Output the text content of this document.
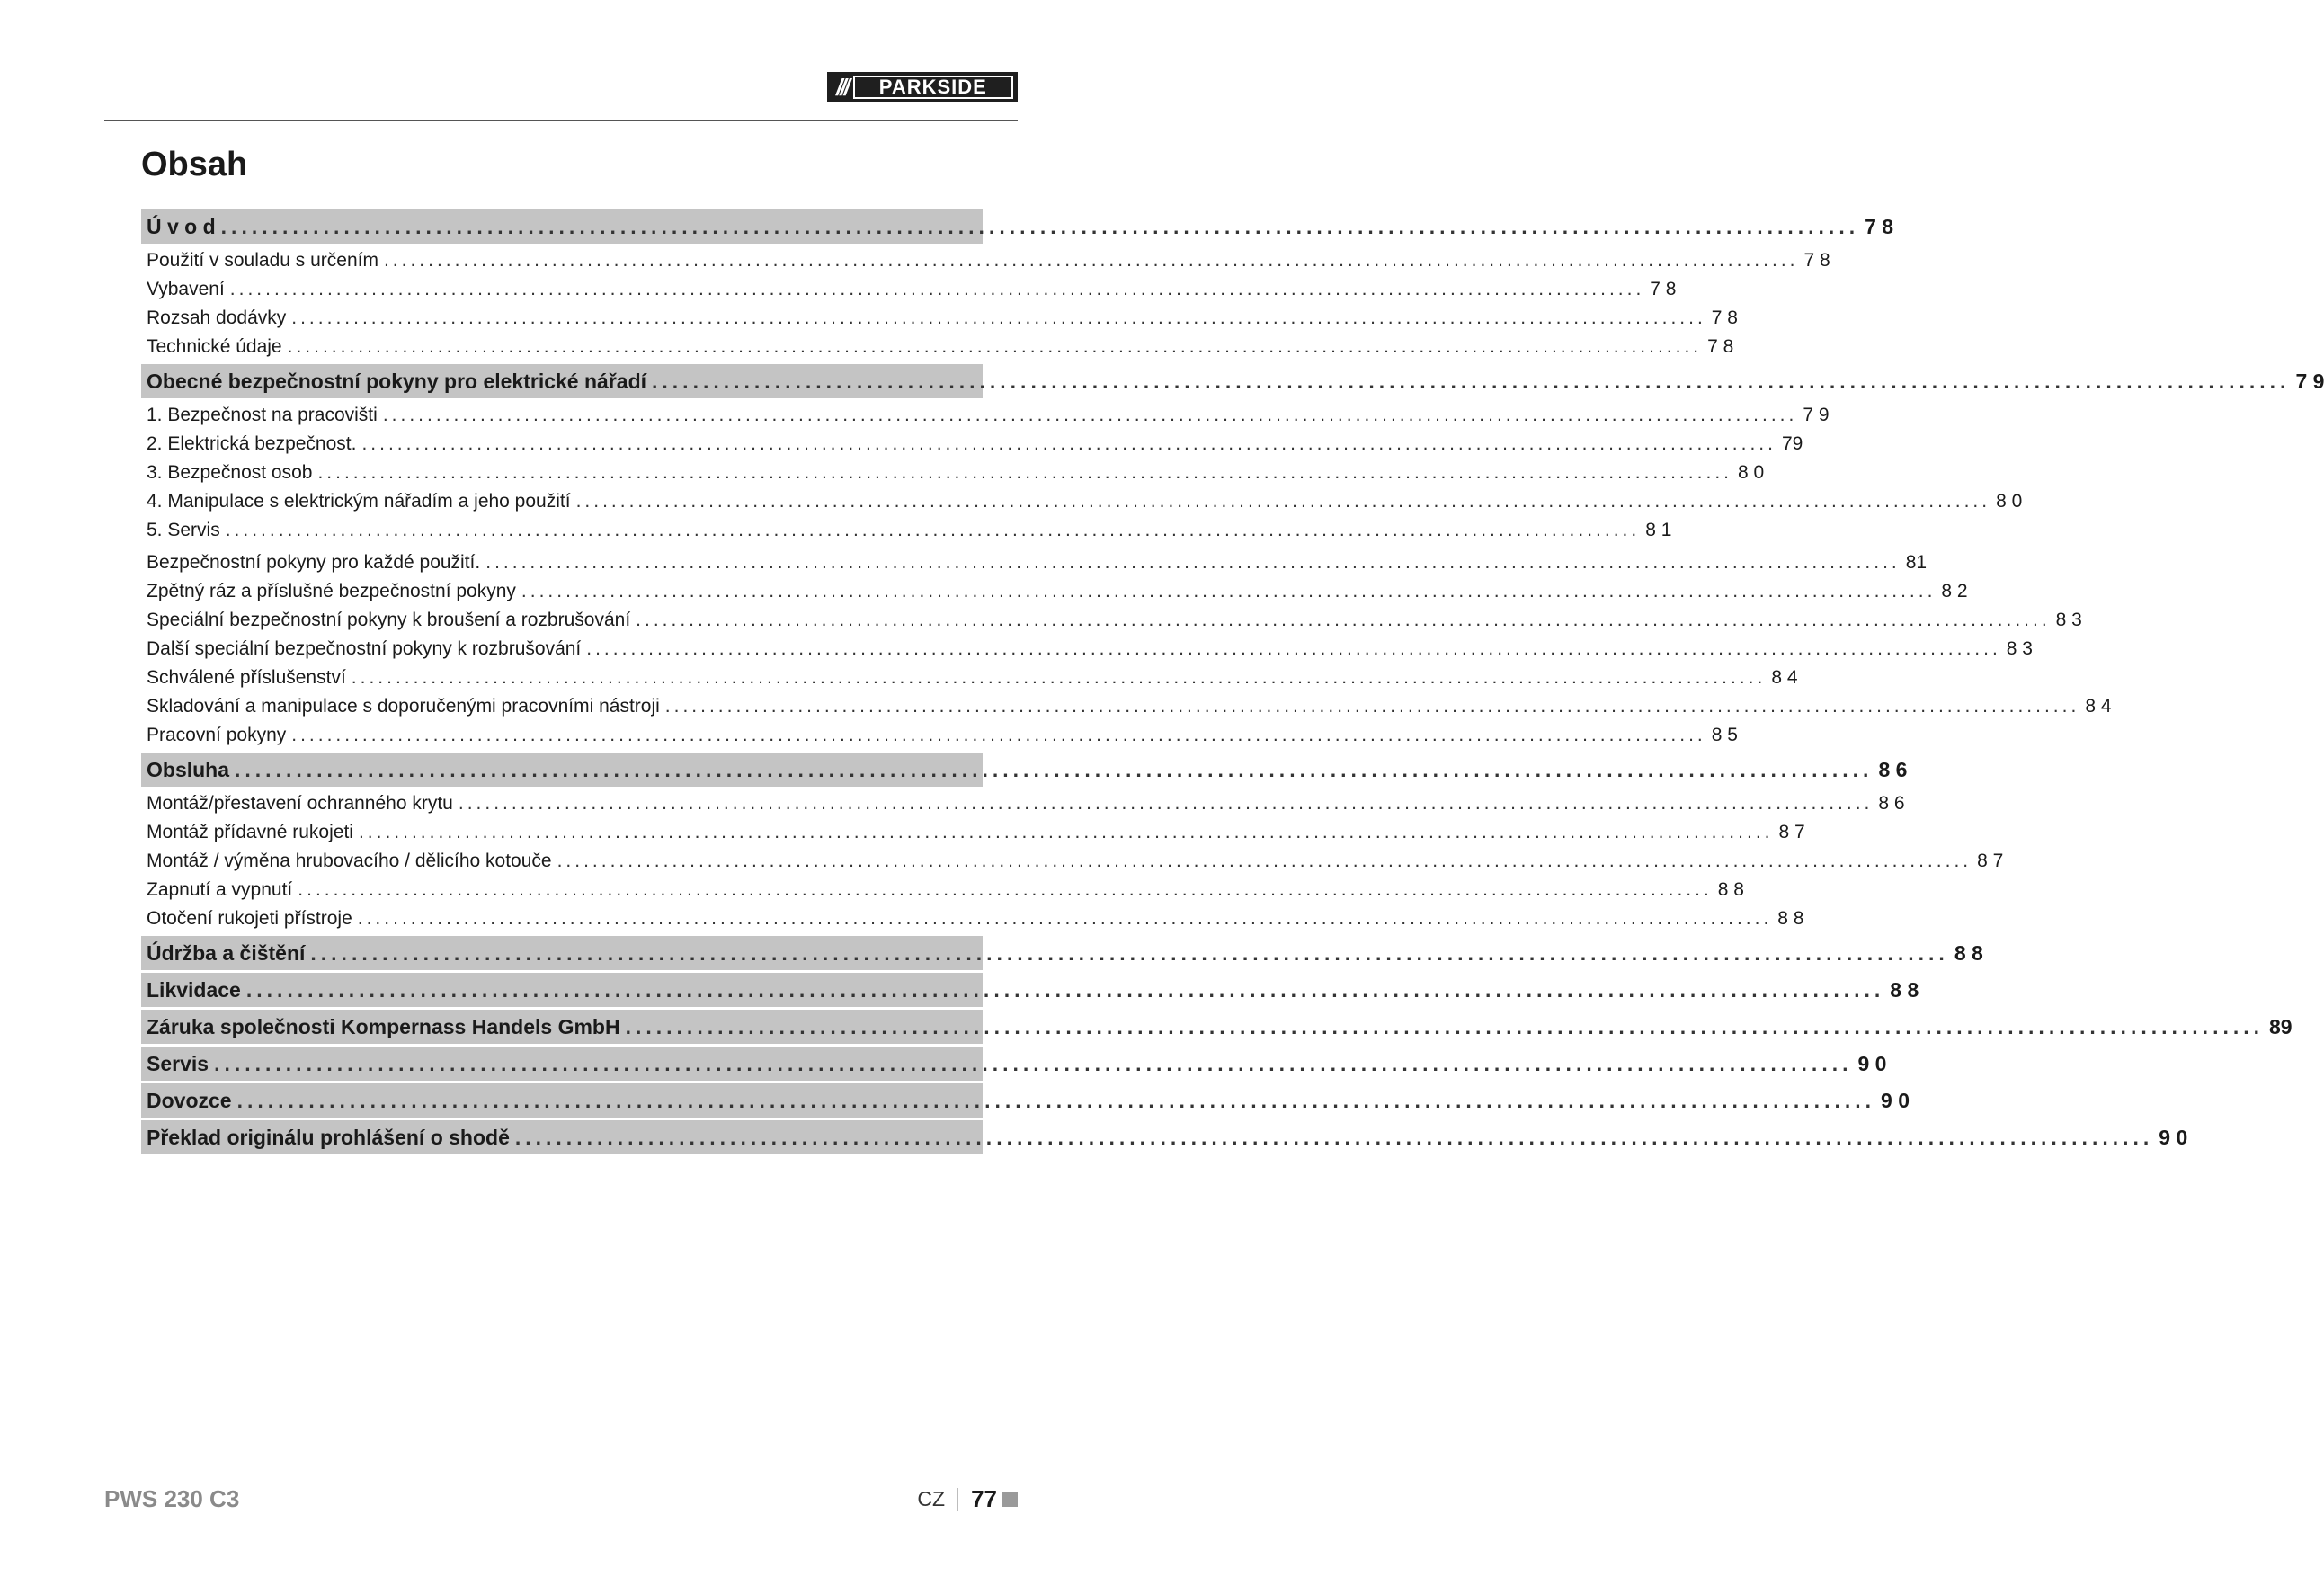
///	PARKSIDE
Obsah
Ú v o d ................................................................................................................................................................ 7 8
Použití v souladu s určením ................................................................................................................................................................ 7 8
Vybavení ................................................................................................................................................................ 7 8
Rozsah dodávky ................................................................................................................................................................ 7 8
Technické údaje ................................................................................................................................................................ 7 8
Obecné bezpečnostní pokyny pro elektrické nářadí ................................................................................................................................................................ 7 9
1. Bezpečnost na pracovišti ................................................................................................................................................................ 7 9
2. Elektrická bezpečnost. ................................................................................................................................................................ 79
3. Bezpečnost osob ................................................................................................................................................................ 8 0
4. Manipulace s elektrickým nářadím a jeho použití ................................................................................................................................................................ 8 0
5. Servis ................................................................................................................................................................ 8 1
Bezpečnostní pokyny pro každé použití. ................................................................................................................................................................ 81
Zpětný ráz a příslušné bezpečnostní pokyny ................................................................................................................................................................ 8 2
Speciální bezpečnostní pokyny k broušení a rozbrušování ................................................................................................................................................................ 8 3
Další speciální bezpečnostní pokyny k rozbrušování ................................................................................................................................................................ 8 3
Schválené příslušenství ................................................................................................................................................................ 8 4
Skladování a manipulace s doporučenými pracovními nástroji ................................................................................................................................................................ 8 4
Pracovní pokyny ................................................................................................................................................................ 8 5
Obsluha ................................................................................................................................................................ 8 6
Montáž/přestavení ochranného krytu ................................................................................................................................................................ 8 6
Montáž přídavné rukojeti ................................................................................................................................................................ 8 7
Montáž / výměna hrubovacího / dělicího kotouče ................................................................................................................................................................ 8 7
Zapnutí a vypnutí ................................................................................................................................................................ 8 8
Otočení rukojeti přístroje ................................................................................................................................................................ 8 8
Údržba a čištění ................................................................................................................................................................ 8 8
Likvidace ................................................................................................................................................................ 8 8
Záruka společnosti Kompernass Handels GmbH ................................................................................................................................................................ 89
Servis ................................................................................................................................................................ 9 0
Dovozce ................................................................................................................................................................ 9 0
Překlad originálu prohlášení o shodě ................................................................................................................................................................ 9 0
PWS 230 C3	CZ 77
